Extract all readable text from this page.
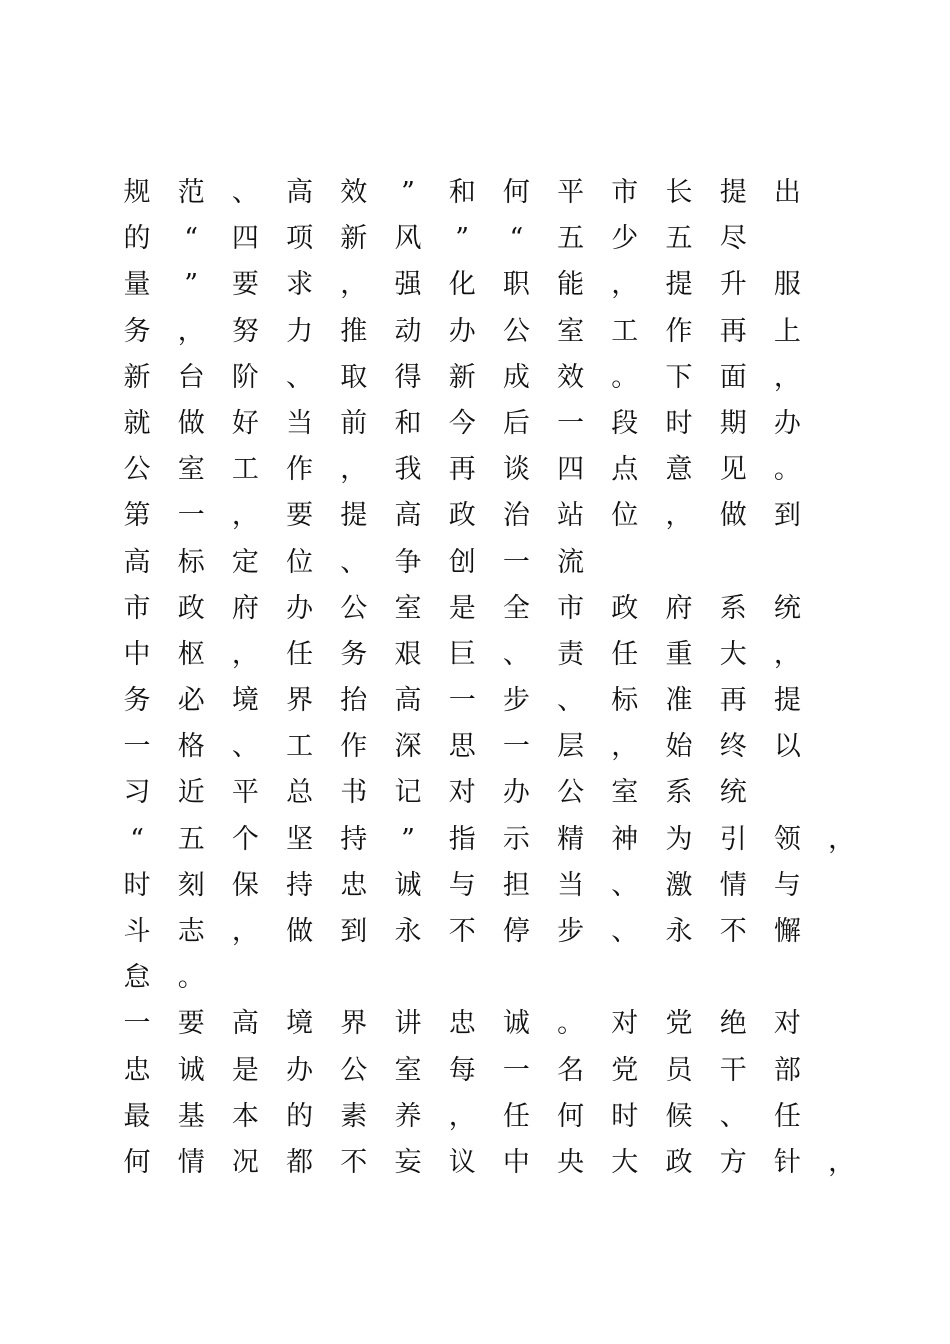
规 范 、 高 效 ” 和 何 平 市 长 提 出
的 “ 四 项 新 风 ” “ 五 少 五 尽
量 ” 要 求 ， 强 化 职 能 ， 提 升 服
务 ， 努 力 推 动 办 公 室 工 作 再 上
新 台 阶 、 取 得 新 成 效 。 下 面 ，
就 做 好 当 前 和 今 后 一 段 时 期 办
公 室 工 作 ， 我 再 谈 四 点 意 见 。
第 一 ， 要 提 高 政 治 站 位 ， 做 到
高 标 定 位 、 争 创 一 流
市 政 府 办 公 室 是 全 市 政 府 系 统
中 枢 ， 任 务 艰 巨 、 责 任 重 大 ，
务 必 境 界 抬 高 一 步 、 标 准 再 提
一 格 、 工 作 深 思 一 层 ， 始 终 以
习 近 平 总 书 记 对 办 公 室 系 统
“ 五 个 坚 持 ” 指 示 精 神 为 引 领 ，
时 刻 保 持 忠 诚 与 担 当 、 激 情 与
斗 志 ， 做 到 永 不 停 步 、 永 不 懈
怠 。
一 要 高 境 界 讲 忠 诚 。 对 党 绝 对
忠 诚 是 办 公 室 每 一 名 党 员 干 部
最 基 本 的 素 养 ， 任 何 时 候 、 任
何 情 况 都 不 妄 议 中 央 大 政 方 针 ，
